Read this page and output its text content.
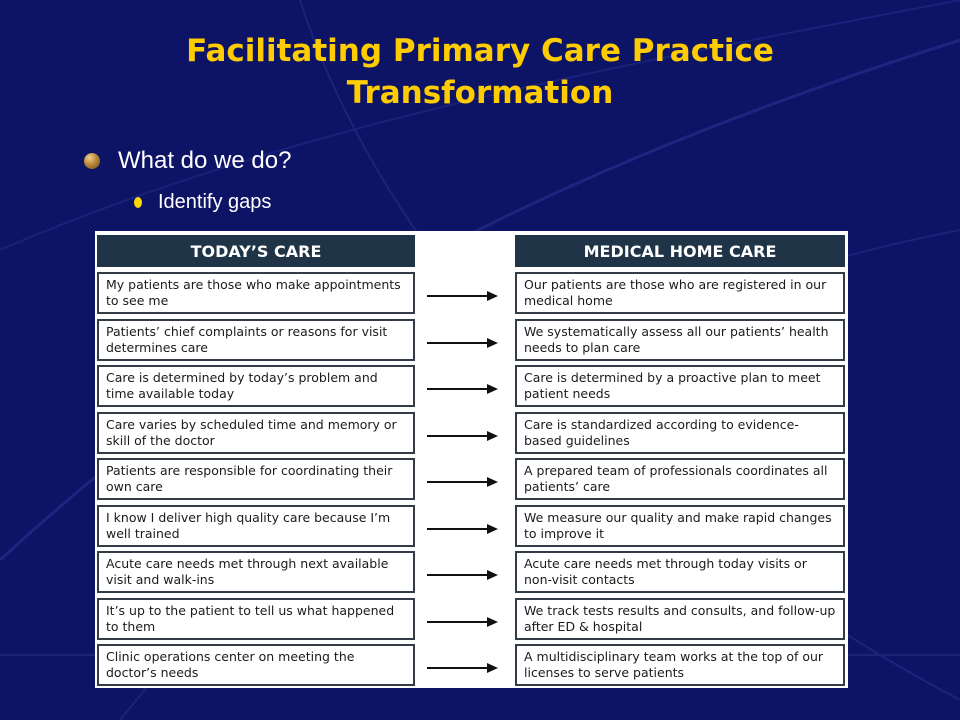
Facilitating Primary Care Practice Transformation
What do we do?
Identify gaps
TODAY’S CARE	MEDICAL HOME CARE
My patients are those who make appointments to see me
Our patients are those who are registered in our medical home
Patients’ chief complaints or reasons for visit determines care
We systematically assess all our patients’ health needs to plan care
Care is determined by today’s problem and time available today
Care is determined by a proactive plan to meet patient needs
Care varies by scheduled time and memory or skill of the doctor
Care is standardized according to evidence-based guidelines
Patients are responsible for coordinating their own care
A prepared team of professionals coordinates all patients’ care
I know I deliver high quality care because I’m well trained
We measure our quality and make rapid changes to improve it
Acute care needs met through next available visit and walk-ins
Acute care needs met through today visits or non-visit contacts
It’s up to the patient to tell us what happened to them
We track tests results and consults, and follow-up after ED & hospital
Clinic operations center on meeting the doctor’s needs
A multidisciplinary team works at the top of our licenses to serve patients
